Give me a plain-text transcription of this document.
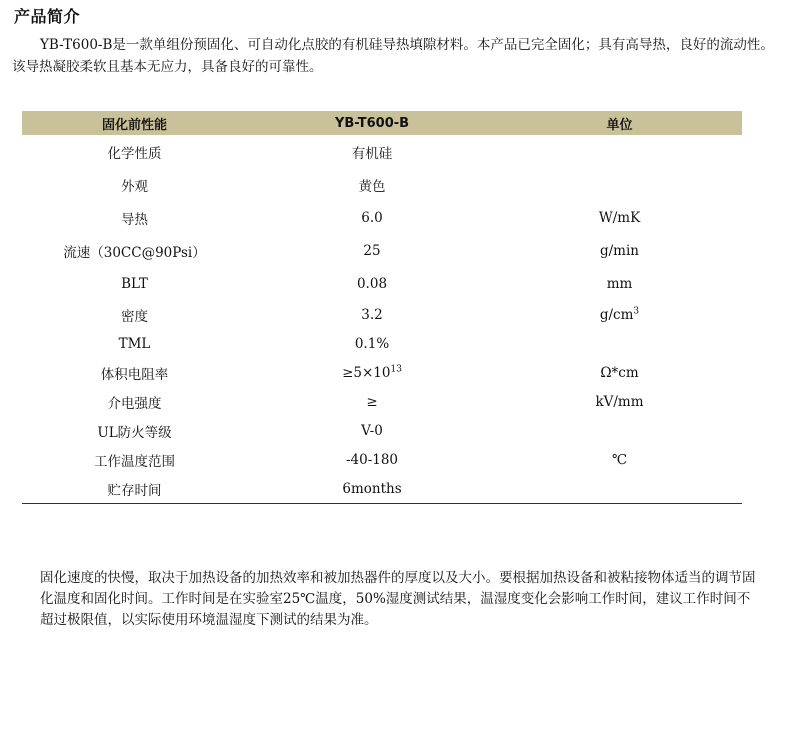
产品简介
YB-T600-B是一款单组份预固化、可自动化点胶的有机硅导热填隙材料。本产品已完全固化；具有高导热，良好的流动性。该导热凝胶柔软且基本无应力，具备良好的可靠性。
固化前性能	YB-T600-B	单位
化学性质	有机硅	
外观	黄色	
导热	6.0	W/mK
流速（30CC@90Psi）	25	g/min
BLT	0.08	mm
密度	3.2	$g/cm^3$
TML	0.1%	
体积电阻率	$\ge 5\times 10^{13}$	Ω*cm
介电强度	≥	kV/mm
UL防火等级	V-0	
工作温度范围	-40-180	℃
贮存时间	6months	
固化速度的快慢，取决于加热设备的加热效率和被加热器件的厚度以及大小。要根据加热设备和被粘接物体适当的调节固化温度和固化时间。工作时间是在实验室25℃温度，50%湿度测试结果，温湿度变化会影响工作时间，建议工作时间不超过极限值，以实际使用环境温湿度下测试的结果为准。
